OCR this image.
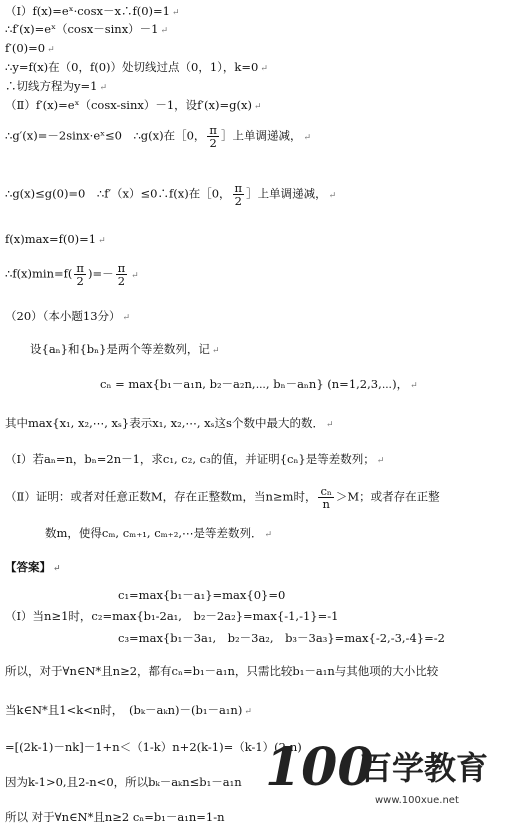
（Ⅰ）f(x)=eˣ·cosx－x∴f(0)=1 ↵
∴f′(x)=eˣ（cosx－sinx）－1 ↵
f′(0)=0 ↵
∴y=f(x)在（0，f(0)）处切线过点（0，1），k=0 ↵
∴切线方程为y=1 ↵
（Ⅱ）f′(x)=eˣ（cosx-sinx）－1，设f′(x)=g(x) ↵
∴g′(x)=－2sinx·eˣ≤0　∴g(x)在［0， $\frac{\pi}{2}$ ］上单调递减， ↵
∴g(x)≤g(0)=0　∴f′（x）≤0∴f(x)在［0， $\frac{\pi}{2}$ ］上单调递减， ↵
f(x)max=f(0)=1 ↵
∴f(x)min=f( $\frac{\pi}{2}$ )=－ $\frac{\pi}{2}$ ↵
（20）（本小题13分） ↵
设{aₙ}和{bₙ}是两个等差数列，记 ↵
cₙ = max{b₁－a₁n, b₂－a₂n,⋯, bₙ－aₙn} (n=1,2,3,⋯)， ↵
其中max{x₁, x₂,⋯, xₛ}表示x₁, x₂,⋯, xₛ这s个数中最大的数． ↵
（Ⅰ）若aₙ=n，bₙ=2n－1，求c₁, c₂, c₃的值，并证明{cₙ}是等差数列； ↵
（Ⅱ）证明：或者对任意正数M，存在正整数m，当n≥m时， $\frac{\text{cₙ}}{n} >M$；或者存在正整
数m，使得cₘ, cₘ₊₁, cₘ₊₂,⋯是等差数列． ↵
【答案】 ↵
c₁=max{b₁－a₁}=max{0}=0
（Ⅰ）当n≥1时，c₂=max{b₁-2a₁,　b₂－2a₂}=max{-1,-1}=-1
c₃=max{b₁－3a₁,　b₂－3a₂,　b₃－3a₃}=max{-2,-3,-4}=-2
所以，对于∀n∈N*且n≥2，都有cₙ=b₁－a₁n，只需比较b₁－a₁n与其他项的大小比较
当k∈N*且1<k<n时，　(bₖ－aₖn)－(b₁－a₁n) ↵
=[(2k-1)－nk]－1+n＜（1-k）n+2(k-1)=（k-1）(2-n)
因为k-1>0,且2-n<0，所以bₖ－aₖn≤b₁－a₁n
所以 对于∀n∈N*且n≥2 cₙ=b₁－a₁n=1-n
100
百学教育
www.100xue.net
